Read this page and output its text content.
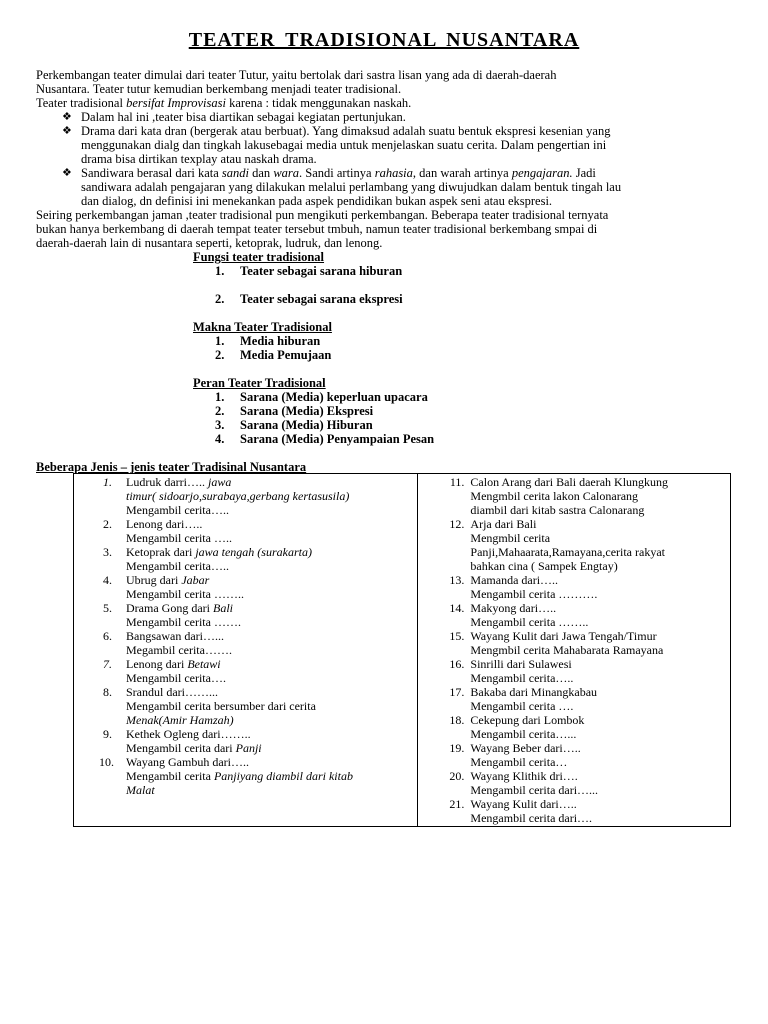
TEATER TRADISIONAL NUSANTARA
Perkembangan teater dimulai dari teater Tutur, yaitu bertolak dari sastra lisan yang ada di daerah-daerah
Nusantara. Teater tutur kemudian berkembang menjadi teater tradisional.
Teater tradisional bersifat Improvisasi karena : tidak menggunakan naskah.
❖ Dalam hal ini ,teater bisa diartikan sebagai kegiatan pertunjukan.
❖ Drama dari kata dran (bergerak atau berbuat). Yang dimaksud adalah suatu bentuk ekspresi kesenian yang
menggunakan dialg dan tingkah lakusebagai media untuk menjelaskan suatu cerita. Dalam pengertian ini
drama bisa dirtikan texplay atau naskah drama.
❖ Sandiwara berasal dari kata sandi dan wara. Sandi artinya rahasia, dan warah artinya pengajaran. Jadi
sandiwara adalah pengajaran yang dilakukan melalui perlambang yang diwujudkan dalam bentuk tingah lau
dan dialog, dn definisi ini menekankan pada aspek pendidikan bukan aspek seni atau ekspresi.
Seiring perkembangan jaman ,teater tradisional pun mengikuti perkembangan. Beberapa teater tradisional ternyata
bukan hanya berkembang di daerah tempat teater tersebut tmbuh, namun teater tradisional berkembang smpai di
daerah-daerah lain di nusantara seperti, ketoprak, ludruk, dan lenong.
Fungsi teater tradisional
1. Teater sebagai sarana hiburan
2. Teater sebagai sarana ekspresi
Makna Teater Tradisional
1. Media hiburan
2. Media Pemujaan
Peran Teater Tradisional
1. Sarana (Media) keperluan upacara
2. Sarana (Media) Ekspresi
3. Sarana (Media) Hiburan
4. Sarana (Media) Penyampaian Pesan
Beberapa Jenis – jenis teater Tradisinal Nusantara
1. Ludruk darri….. jawa
timur( sidoarjo,surabaya,gerbang kertasusila)
Mengambil cerita…..
2. Lenong dari…..
Mengambil cerita …..
3. Ketoprak dari jawa tengah (surakarta)
Mengambil cerita…..
4. Ubrug dari Jabar
Mengambil cerita ……..
5. Drama Gong dari Bali
Mengambil cerita …….
6. Bangsawan dari…...
Megambil cerita…….
7. Lenong dari Betawi
Mengambil cerita….
8. Srandul dari……...
Mengambil cerita bersumber dari cerita
Menak(Amir Hamzah)
9. Kethek Ogleng dari……..
Mengambil cerita dari Panji
10. Wayang Gambuh dari…..
Mengambil cerita Panjiyang diambil dari kitab
Malat

11. Calon Arang dari Bali daerah Klungkung
Mengmbil cerita lakon Calonarang
diambil dari kitab sastra Calonarang
12. Arja dari Bali
Mengmbil cerita
Panji,Mahaarata,Ramayana,cerita rakyat
bahkan cina ( Sampek Engtay)
13. Mamanda dari…..
Mengambil cerita ……….
14. Makyong dari…..
Mengambil cerita ……..
15. Wayang Kulit dari Jawa Tengah/Timur
Mengmbil cerita Mahabarata Ramayana
16. Sinrilli dari Sulawesi
Mengambil cerita…..
17. Bakaba dari Minangkabau
Mengambil cerita ….
18. Cekepung dari Lombok
Mengambil cerita…...
19. Wayang Beber dari…..
Mengambil cerita…
20. Wayang Klithik dri….
Mengambil cerita dari…...
21. Wayang Kulit dari…..
Mengambil cerita dari….
